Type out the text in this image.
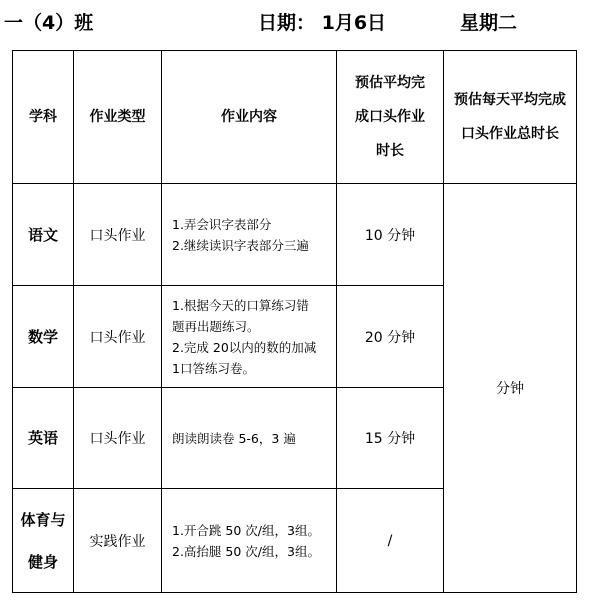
一（4）班	日期： 1月6日	星期二
学科	作业类型	作业内容	预估平均完
成口头作业
时长	预估每天平均完成
口头作业总时长

语文	口头作业	1.弄会识字表部分
2.继续读识字表部分三遍	10 分钟	分钟

数学	口头作业	1.根据今天的口算练习错
题再出题练习。
2.完成 20以内的数的加减
1口答练习卷。	20 分钟	

英语	口头作业	朗读朗读卷 5-6，3 遍	15 分钟	

体育与
健身	实践作业	1.开合跳 50 次/组，3组。
2.高抬腿 50 次/组，3组。	/	
